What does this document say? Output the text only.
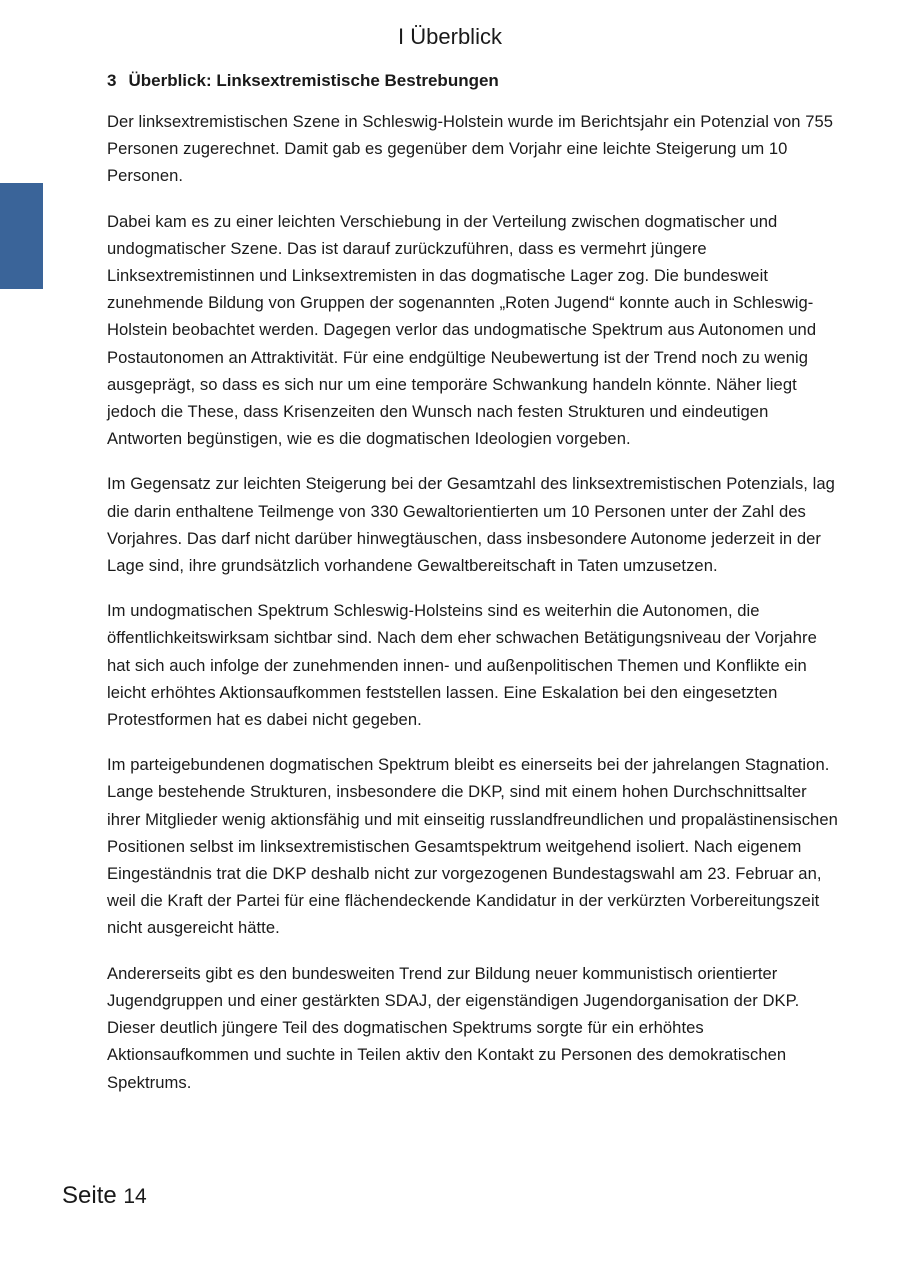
I Überblick
3 Überblick: Linksextremistische Bestrebungen

Der linksextremistischen Szene in Schleswig-Holstein wurde im Berichtsjahr ein Potenzial von 755 Personen zugerechnet. Damit gab es gegenüber dem Vorjahr eine leichte Steigerung um 10 Personen.

Dabei kam es zu einer leichten Verschiebung in der Verteilung zwischen dogmatischer und undogmatischer Szene. Das ist darauf zurückzuführen, dass es vermehrt jüngere Linksextremistinnen und Linksextremisten in das dogmatische Lager zog. Die bundesweit zunehmende Bildung von Gruppen der sogenannten „Roten Jugend“ konnte auch in Schleswig-Holstein beobachtet werden. Dagegen verlor das undogmatische Spektrum aus Autonomen und Postautonomen an Attraktivität. Für eine endgültige Neubewertung ist der Trend noch zu wenig ausgeprägt, so dass es sich nur um eine temporäre Schwankung handeln könnte. Näher liegt jedoch die These, dass Krisenzeiten den Wunsch nach festen Strukturen und eindeutigen Antworten begünstigen, wie es die dogmatischen Ideologien vorgeben.

Im Gegensatz zur leichten Steigerung bei der Gesamtzahl des linksextremistischen Potenzials, lag die darin enthaltene Teilmenge von 330 Gewaltorientierten um 10 Personen unter der Zahl des Vorjahres. Das darf nicht darüber hinwegtäuschen, dass insbesondere Autonome jederzeit in der Lage sind, ihre grundsätzlich vorhandene Gewaltbereitschaft in Taten umzusetzen.

Im undogmatischen Spektrum Schleswig-Holsteins sind es weiterhin die Autonomen, die öffentlichkeitswirksam sichtbar sind. Nach dem eher schwachen Betätigungsniveau der Vorjahre hat sich auch infolge der zunehmenden innen- und außenpolitischen Themen und Konflikte ein leicht erhöhtes Aktionsaufkommen feststellen lassen. Eine Eskalation bei den eingesetzten Protestformen hat es dabei nicht gegeben.

Im parteigebundenen dogmatischen Spektrum bleibt es einerseits bei der jahrelangen Stagnation. Lange bestehende Strukturen, insbesondere die DKP, sind mit einem hohen Durchschnittsalter ihrer Mitglieder wenig aktionsfähig und mit einseitig russlandfreundlichen und propalästinensischen Positionen selbst im linksextremistischen Gesamtspektrum weitgehend isoliert. Nach eigenem Eingeständnis trat die DKP deshalb nicht zur vorgezogenen Bundestagswahl am 23. Februar an, weil die Kraft der Partei für eine flächendeckende Kandidatur in der verkürzten Vorbereitungszeit nicht ausgereicht hätte.

Andererseits gibt es den bundesweiten Trend zur Bildung neuer kommunistisch orientierter Jugendgruppen und einer gestärkten SDAJ, der eigenständigen Jugendorganisation der DKP. Dieser deutlich jüngere Teil des dogmatischen Spektrums sorgte für ein erhöhtes Aktionsaufkommen und suchte in Teilen aktiv den Kontakt zu Personen des demokratischen Spektrums.

Seite 14
